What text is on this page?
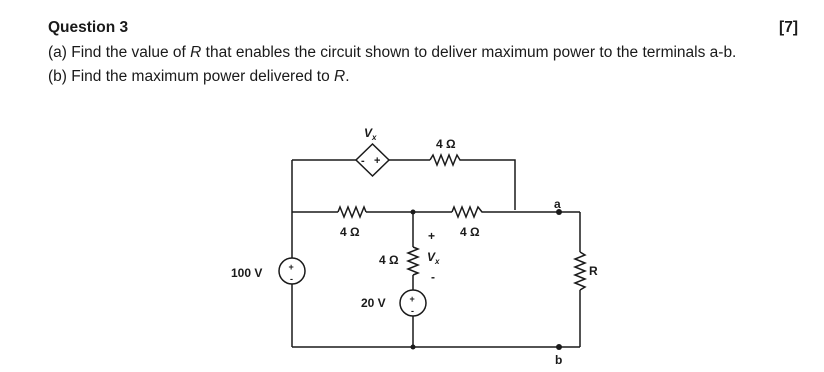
Question 3	[7]
(a) Find the value of R that enables the circuit shown to deliver maximum power to the terminals a-b.
(b) Find the maximum power delivered to R.
$V_x$
- +
4 Ω
4 Ω	4 Ω
4 Ω
+
$V_x$
-
100 V	+
-
20 V	+
-
a
b
R
